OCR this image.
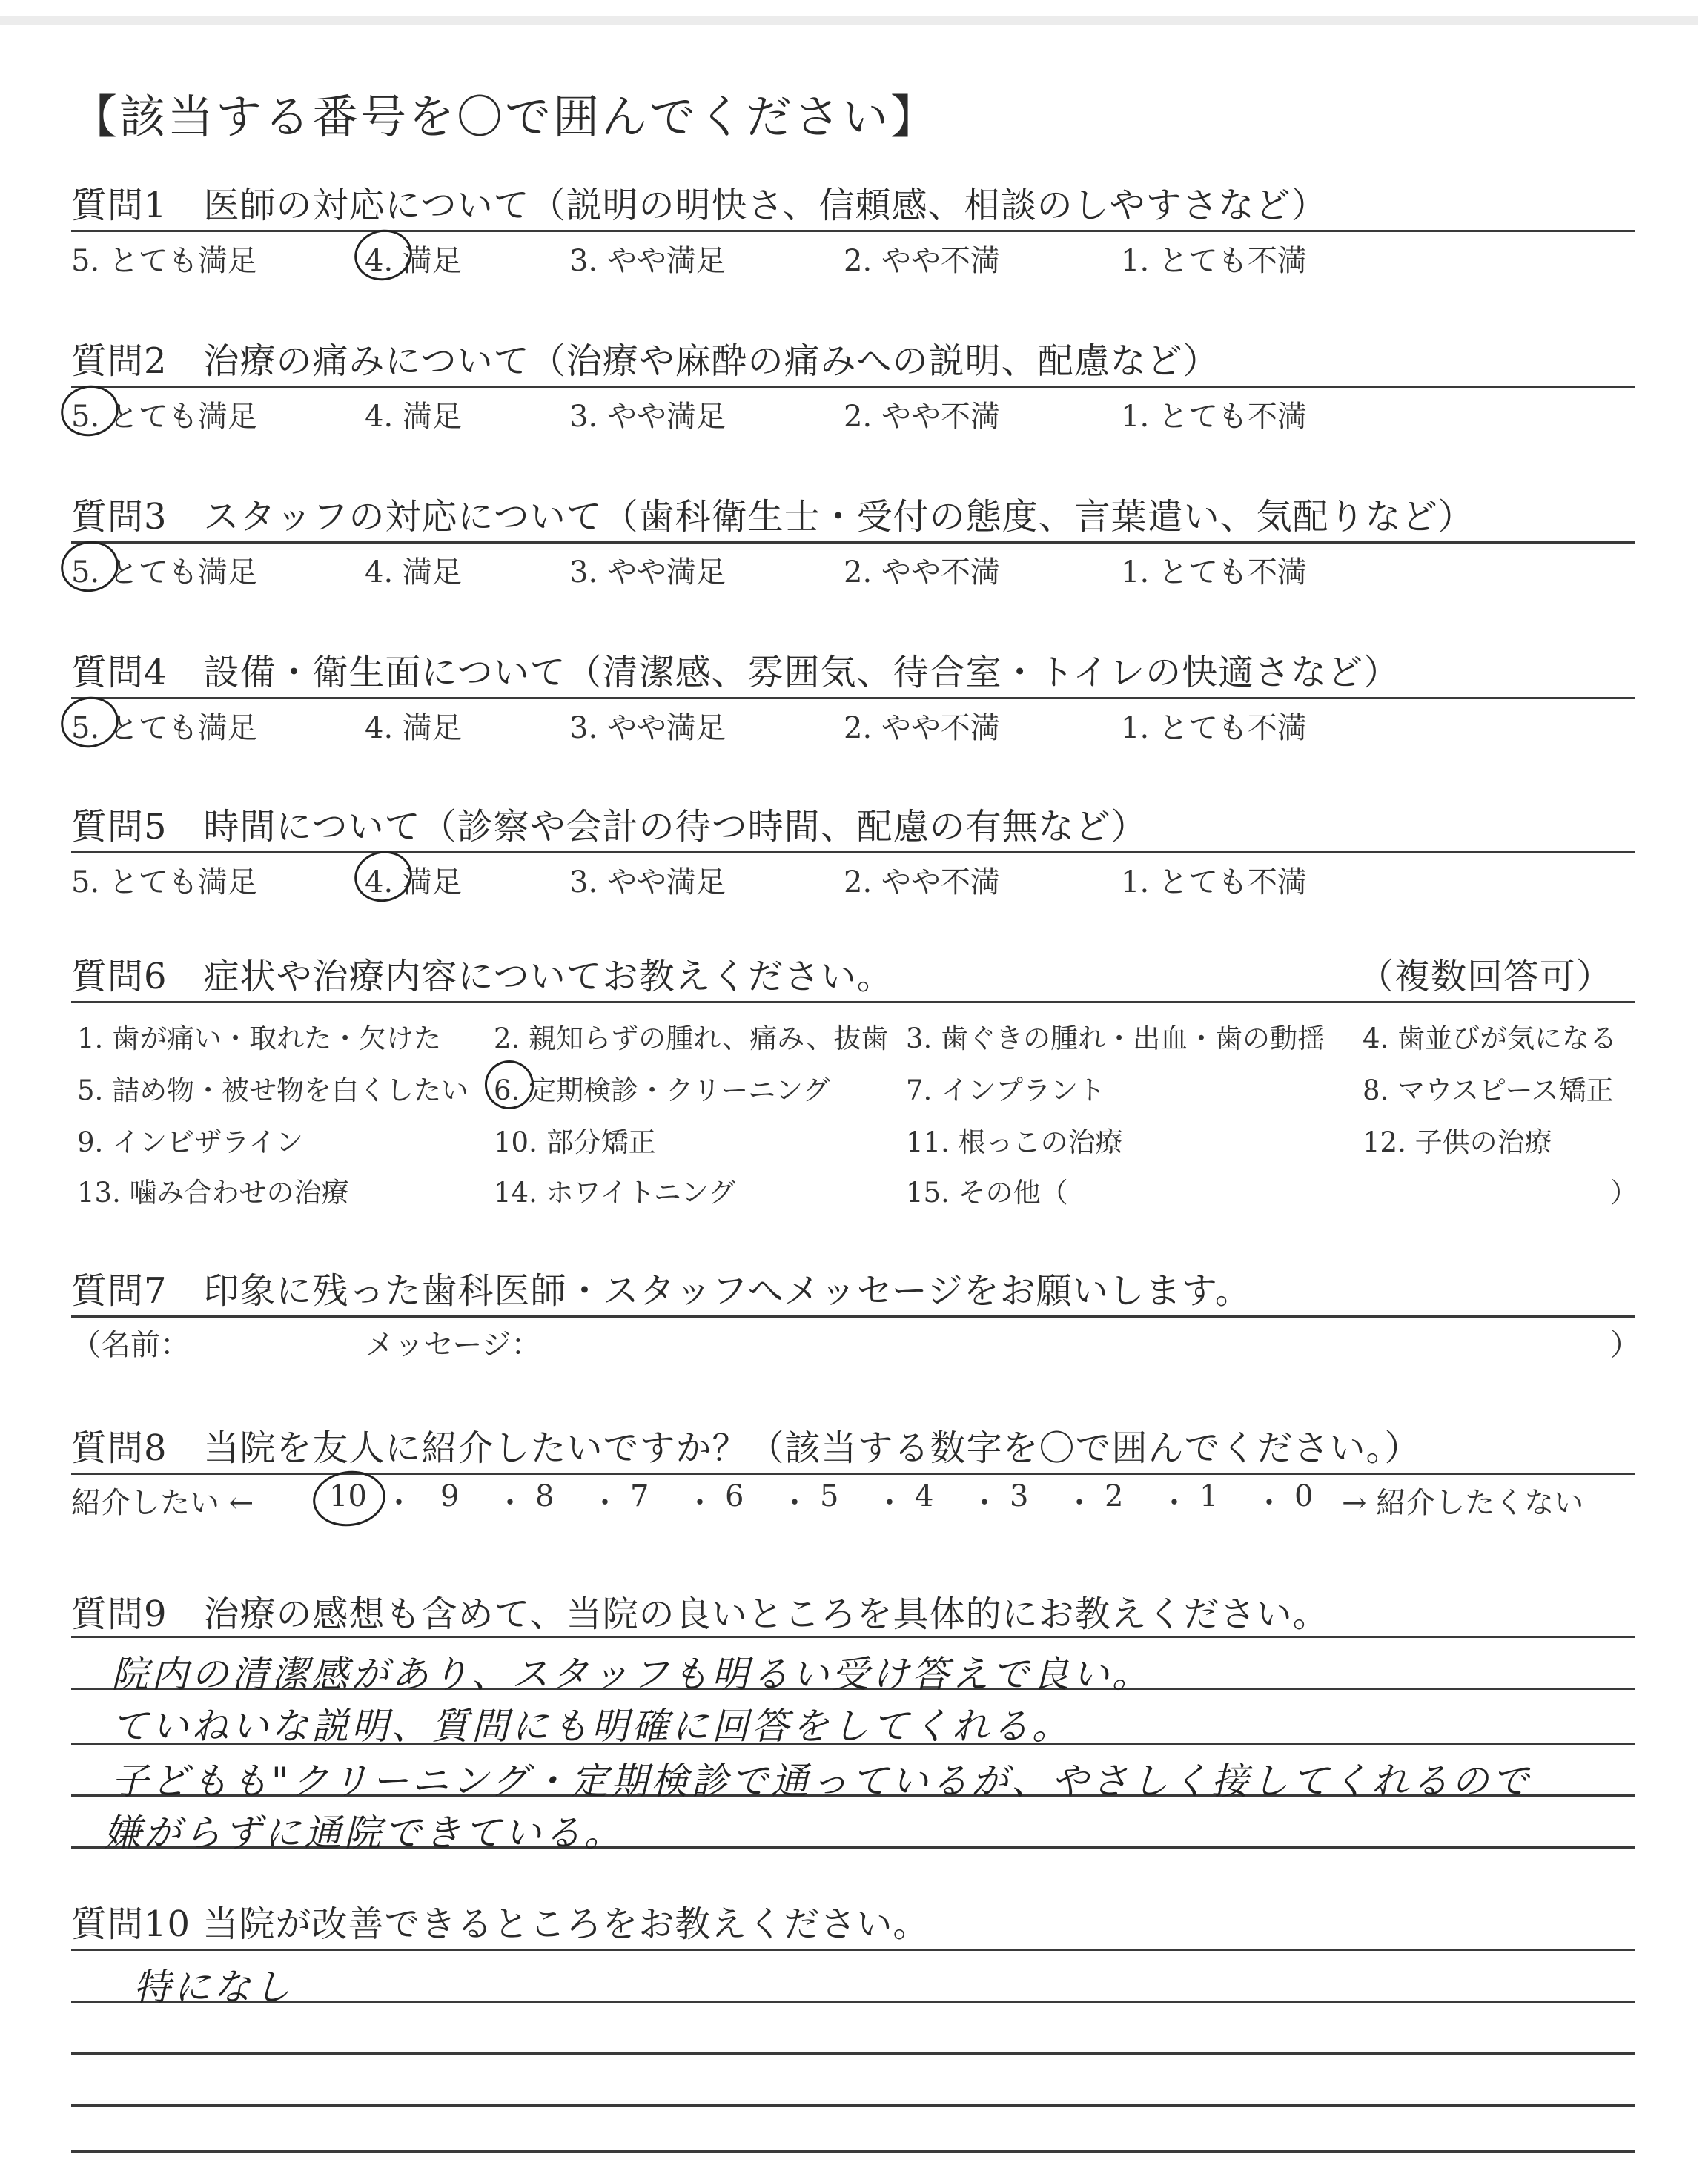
【該当する番号を〇で囲んでください】
質問1　医師の対応について（説明の明快さ、信頼感、相談のしやすさなど）
5. とても満足	4. 満足	3. やや満足	2. やや不満	1. とても不満
質問2　治療の痛みについて（治療や麻酔の痛みへの説明、配慮など）
5. とても満足	4. 満足	3. やや満足	2. やや不満	1. とても不満
質問3　スタッフの対応について（歯科衛生士・受付の態度、言葉遣い、気配りなど）
5. とても満足	4. 満足	3. やや満足	2. やや不満	1. とても不満
質問4　設備・衛生面について（清潔感、雰囲気、待合室・トイレの快適さなど）
5. とても満足	4. 満足	3. やや満足	2. やや不満	1. とても不満
質問5　時間について（診察や会計の待つ時間、配慮の有無など）
5. とても満足	4. 満足	3. やや満足	2. やや不満	1. とても不満
質問6　症状や治療内容についてお教えください。	（複数回答可）
1. 歯が痛い・取れた・欠けた 2. 親知らずの腫れ、痛み、抜歯 3. 歯ぐきの腫れ・出血・歯の動揺 4. 歯並びが気になる
5. 詰め物・被せ物を白くしたい 6. 定期検診・クリーニング	7. インプラント	8. マウスピース矯正
9. インビザライン	10. 部分矯正	11. 根っこの治療	12. 子供の治療
13. 噛み合わせの治療	14. ホワイトニング	15. その他（	）
質問7　印象に残った歯科医師・スタッフへメッセージをお願いします。
（名前：	メッセージ：	）
質問8　当院を友人に紹介したいですか？（該当する数字を〇で囲んでください。）
紹介したい ←	10 ・ 9 ・ 8 ・ 7 ・ 6 ・ 5 ・ 4 ・ 3 ・ 2 ・ 1 ・ 0 → 紹介したくない
質問9　治療の感想も含めて、当院の良いところを具体的にお教えください。
院内の清潔感があり、スタッフも明るい受け答えで良い。
ていねいな説明、質問にも明確に回答をしてくれる。
子どもも"クリーニング・定期検診で通っているが、やさしく接してくれるので
嫌がらずに通院できている。
質問10 当院が改善できるところをお教えください。
特になし
